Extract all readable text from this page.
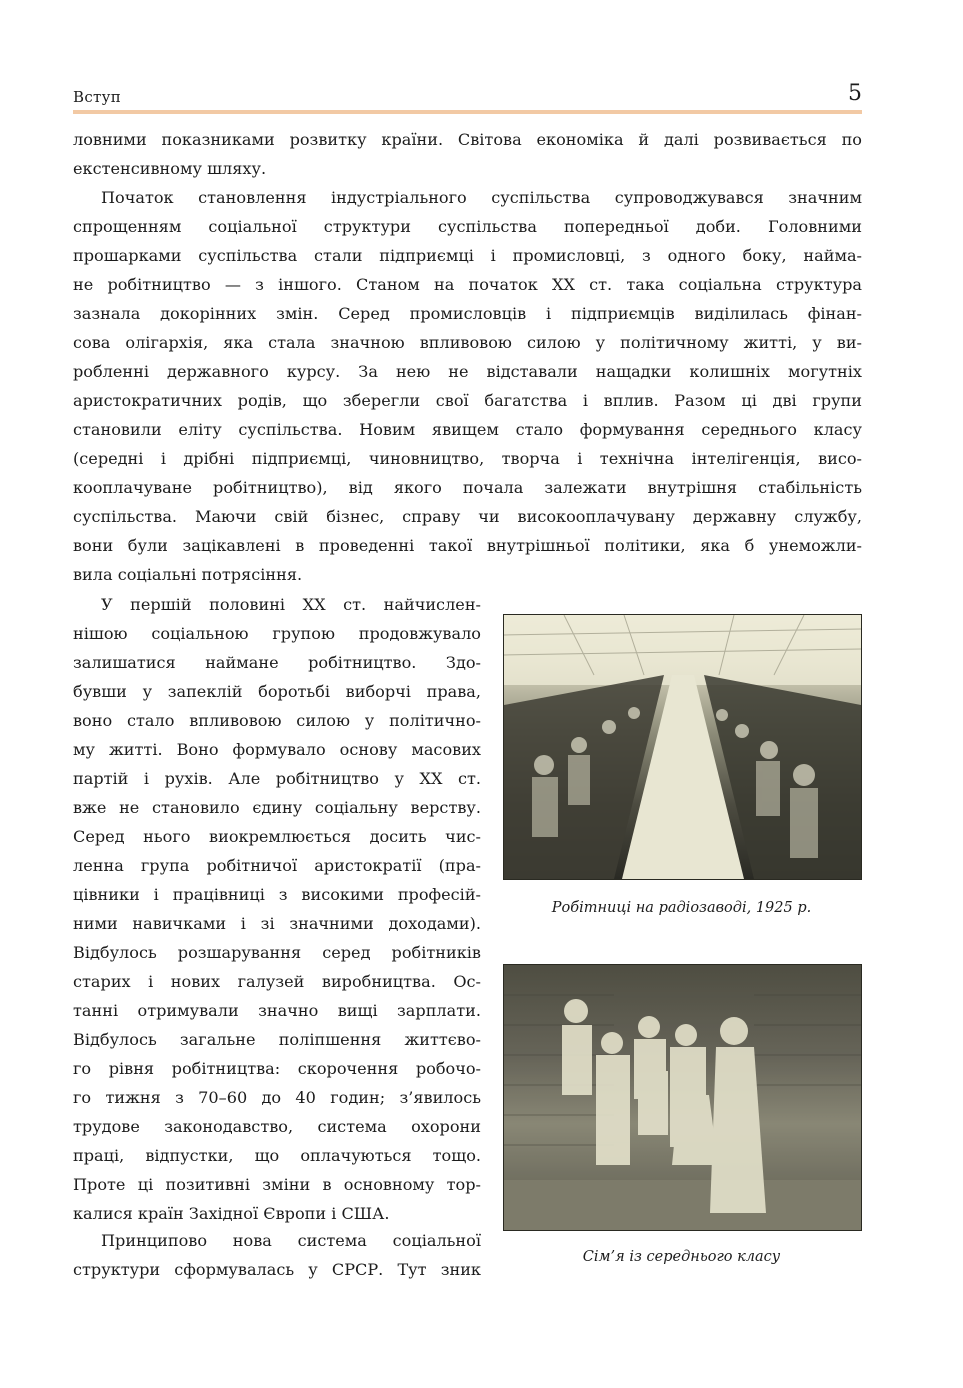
Вступ	5

ловними показниками розвитку країни. Світова економіка й далі розвивається по
екстенсивному шляху.

Початок становлення індустріального суспільства супроводжувався значним
спрощенням соціальної структури суспільства попередньої доби. Головними
прошарками суспільства стали підприємці і промисловці, з одного боку, найма-
не робітництво — з іншого. Станом на початок XX ст. така соціальна структура
зазнала докорінних змін. Серед промисловців і підприємців виділилась фінан-
сова олігархія, яка стала значною впливовою силою у політичному житті, у ви-
робленні державного курсу. За нею не відставали нащадки колишніх могутніх
аристократичних родів, що зберегли свої багатства і вплив. Разом ці дві групи
становили еліту суспільства. Новим явищем стало формування середнього класу
(середні і дрібні підприємці, чиновництво, творча і технічна інтелігенція, висо-
кооплачуване робітництво), від якого почала залежати внутрішня стабільність
суспільства. Маючи свій бізнес, справу чи високооплачувану державну службу,
вони були зацікавлені в проведенні такої внутрішньої політики, яка б унеможли-
вила соціальні потрясіння.

У першій половині XX ст. найчислен-
нішою соціальною групою продовжувало
залишатися наймане робітництво. Здо-
бувши у запеклій боротьбі виборчі права,
воно стало впливовою силою у політично-
му житті. Воно формувало основу масових
партій і рухів. Але робітництво у XX ст.
вже не становило єдину соціальну верству.
Серед нього виокремлюється досить чис-
ленна група робітничої аристократії (пра-
цівники і працівниці з високими професій-
ними навичками і зі значними доходами).
Відбулось розшарування серед робітників
старих і нових галузей виробництва. Ос-
танні отримували значно вищі зарплати.
Відбулось загальне поліпшення життєво-
го рівня робітництва: скорочення робочо-
го тижня з 70–60 до 40 годин; з’явилось
трудове законодавство, система охорони
праці, відпустки, що оплачуються тощо.
Проте ці позитивні зміни в основному тор-
калися країн Західної Європи і США.

Принципово нова система соціальної
структури сформувалась у СРСР. Тут зник

Робітниці на радіозаводі, 1925 р.
Сім’я із середнього класу
